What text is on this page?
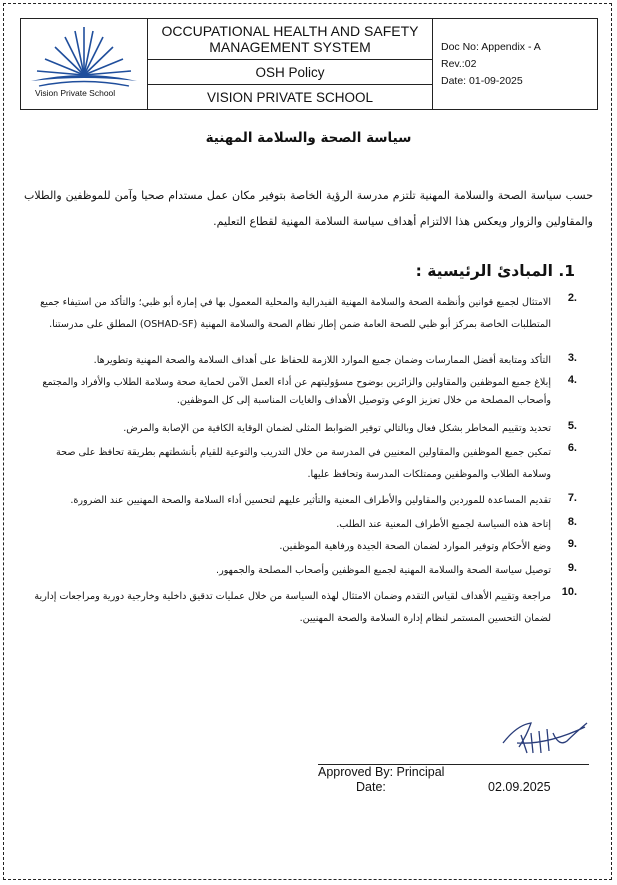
Vision Private School
	OCCUPATIONAL HEALTH AND SAFETY MANAGEMENT SYSTEM	Doc No: Appendix - A
Rev.:02
Date: 01-09-2025

OSH Policy
VISION PRIVATE SCHOOL
سياسة الصحة والسلامة المهنية
حسب سياسة الصحة والسلامة المهنية تلتزم مدرسة الرؤية الخاصة بتوفير مكان عمل مستدام صحيا وآمن للموظفين والطلاب والمقاولين والزوار ويعكس هذا الالتزام أهداف سياسة السلامة المهنية لقطاع التعليم.
1. المبادئ الرئيسية :
2.
الامتثال لجميع قوانين وأنظمة الصحة والسلامة المهنية الفيدرالية والمحلية المعمول بها في إمارة أبو ظبي؛ والتأكد من استيفاء جميع المتطلبات الخاصة بمركز أبو ظبي للصحة العامة ضمن إطار نظام الصحة والسلامة المهنية (OSHAD-SF) المطلق على مدرستنا.
3.
التأكد ومتابعة أفضل الممارسات وضمان جميع الموارد اللازمة للحفاظ على أهداف السلامة والصحة المهنية وتطويرها.
4.
إبلاغ جميع الموظفين والمقاولين والزائرين بوضوح مسؤوليتهم عن أداء العمل الآمن لحماية صحة وسلامة الطلاب والأفراد والمجتمع وأصحاب المصلحة من خلال تعزيز الوعي وتوصيل الأهداف والغايات المناسبة إلى كل الموظفين.
5.
تحديد وتقييم المخاطر بشكل فعال وبالتالي توفير الضوابط المثلى لضمان الوقاية الكافية من الإصابة والمرض.
6.
تمكين جميع الموظفين والمقاولين المعنيين في المدرسة من خلال التدريب والتوعية للقيام بأنشطتهم بطريقة تحافظ على صحة وسلامة الطلاب والموظفين وممتلكات المدرسة وتحافظ عليها.
7.
تقديم المساعدة للموردين والمقاولين والأطراف المعنية والتأثير عليهم لتحسين أداء السلامة والصحة المهنيين عند الضرورة.
8.
إتاحة هذه السياسة لجميع الأطراف المعنية عند الطلب.
9.
وضع الأحكام وتوفير الموارد لضمان الصحة الجيدة ورفاهية الموظفين.
9.
توصيل سياسة الصحة والسلامة المهنية لجميع الموظفين وأصحاب المصلحة والجمهور.
10.
مراجعة وتقييم الأهداف لقياس التقدم وضمان الامتثال لهذه السياسة من خلال عمليات تدقيق داخلية وخارجية دورية ومراجعات إدارية لضمان التحسين المستمر لنظام إدارة السلامة والصحة المهنيين.
Approved By: Principal
Date:	02.09.2025
